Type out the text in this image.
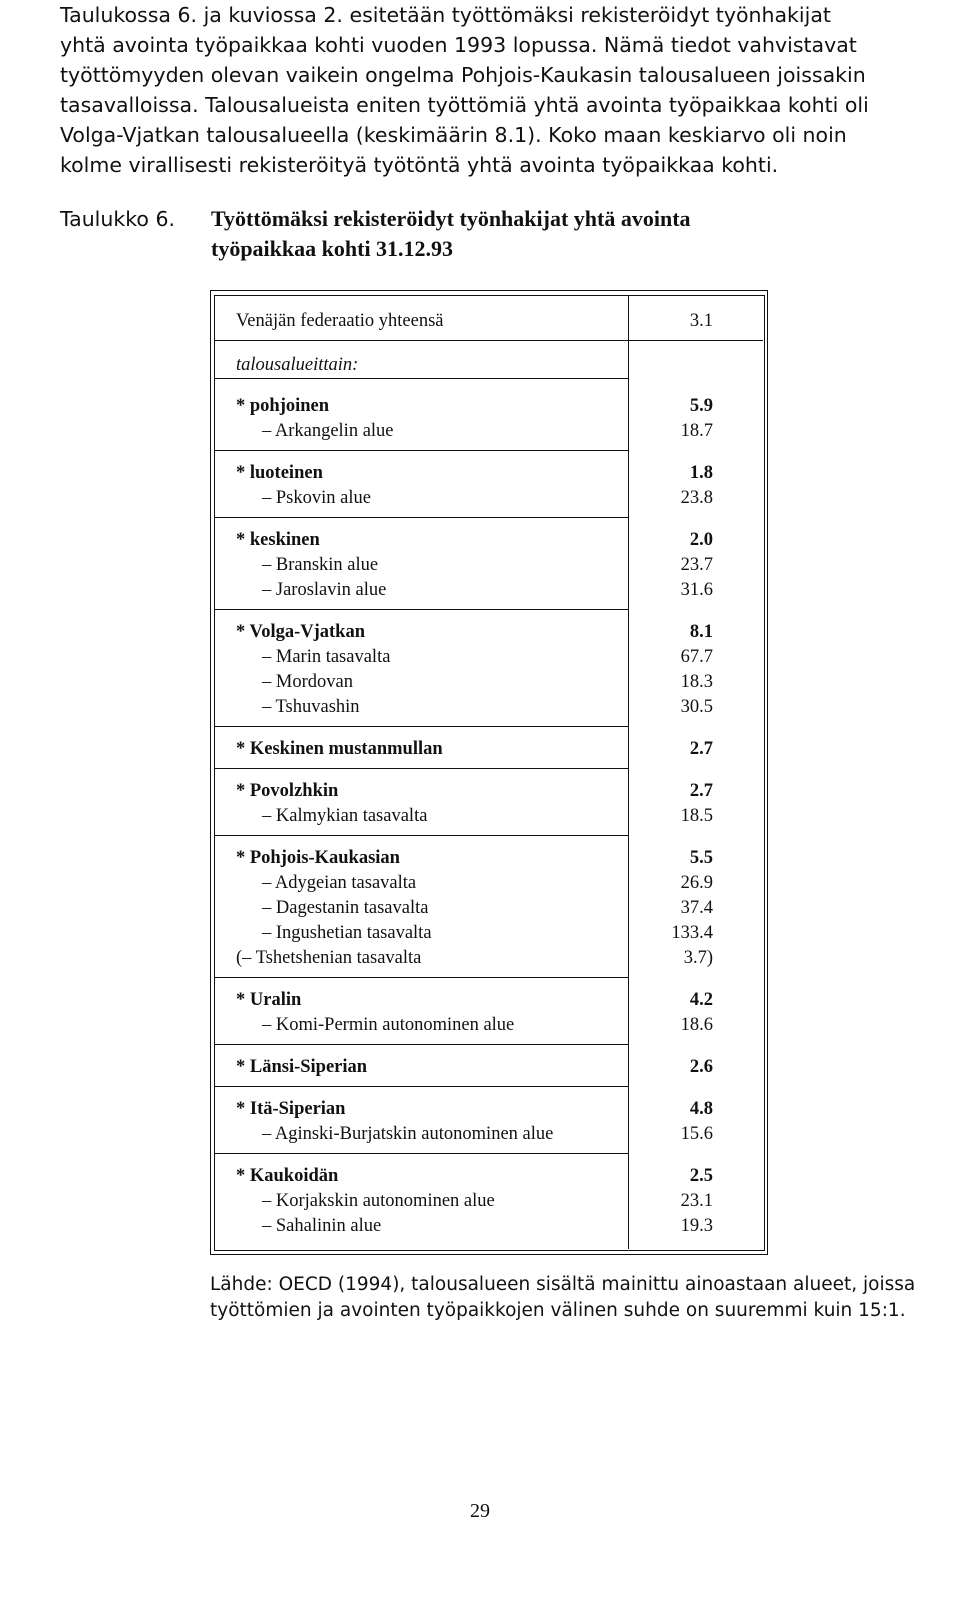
Taulukossa 6. ja kuviossa 2. esitetään työttömäksi rekisteröidyt työnhakijat
yhtä avointa työpaikkaa kohti vuoden 1993 lopussa. Nämä tiedot vahvistavat
työttömyyden olevan vaikein ongelma Pohjois-Kaukasin talousalueen joissakin
tasavalloissa. Talousalueista eniten työttömiä yhtä avointa työpaikkaa kohti oli
Volga-Vjatkan talousalueella (keskimäärin 8.1). Koko maan keskiarvo oli noin
kolme virallisesti rekisteröityä työtöntä yhtä avointa työpaikkaa kohti.
Taulukko 6.	Työttömäksi rekisteröidyt työnhakijat yhtä avointa
työpaikkaa kohti 31.12.93
Venäjän federaatio yhteensä	3.1
talousalueittain:
* pohjoinen	5.9
– Arkangelin alue	18.7
* luoteinen	1.8
– Pskovin alue	23.8
* keskinen	2.0
– Branskin alue	23.7
– Jaroslavin alue	31.6
* Volga-Vjatkan	8.1
– Marin tasavalta	67.7
– Mordovan	18.3
– Tshuvashin	30.5
* Keskinen mustanmullan	2.7
* Povolzhkin	2.7
– Kalmykian tasavalta	18.5
* Pohjois-Kaukasian	5.5
– Adygeian tasavalta	26.9
– Dagestanin tasavalta	37.4
– Ingushetian tasavalta	133.4
(– Tshetshenian tasavalta	3.7)
* Uralin	4.2
– Komi-Permin autonominen alue	18.6
* Länsi-Siperian	2.6
* Itä-Siperian	4.8
– Aginski-Burjatskin autonominen alue	15.6
* Kaukoidän	2.5
– Korjakskin autonominen alue	23.1
– Sahalinin alue	19.3
Lähde: OECD (1994), talousalueen sisältä mainittu ainoastaan alueet, joissa
työttömien ja avointen työpaikkojen välinen suhde on suuremmi kuin 15:1.
29
